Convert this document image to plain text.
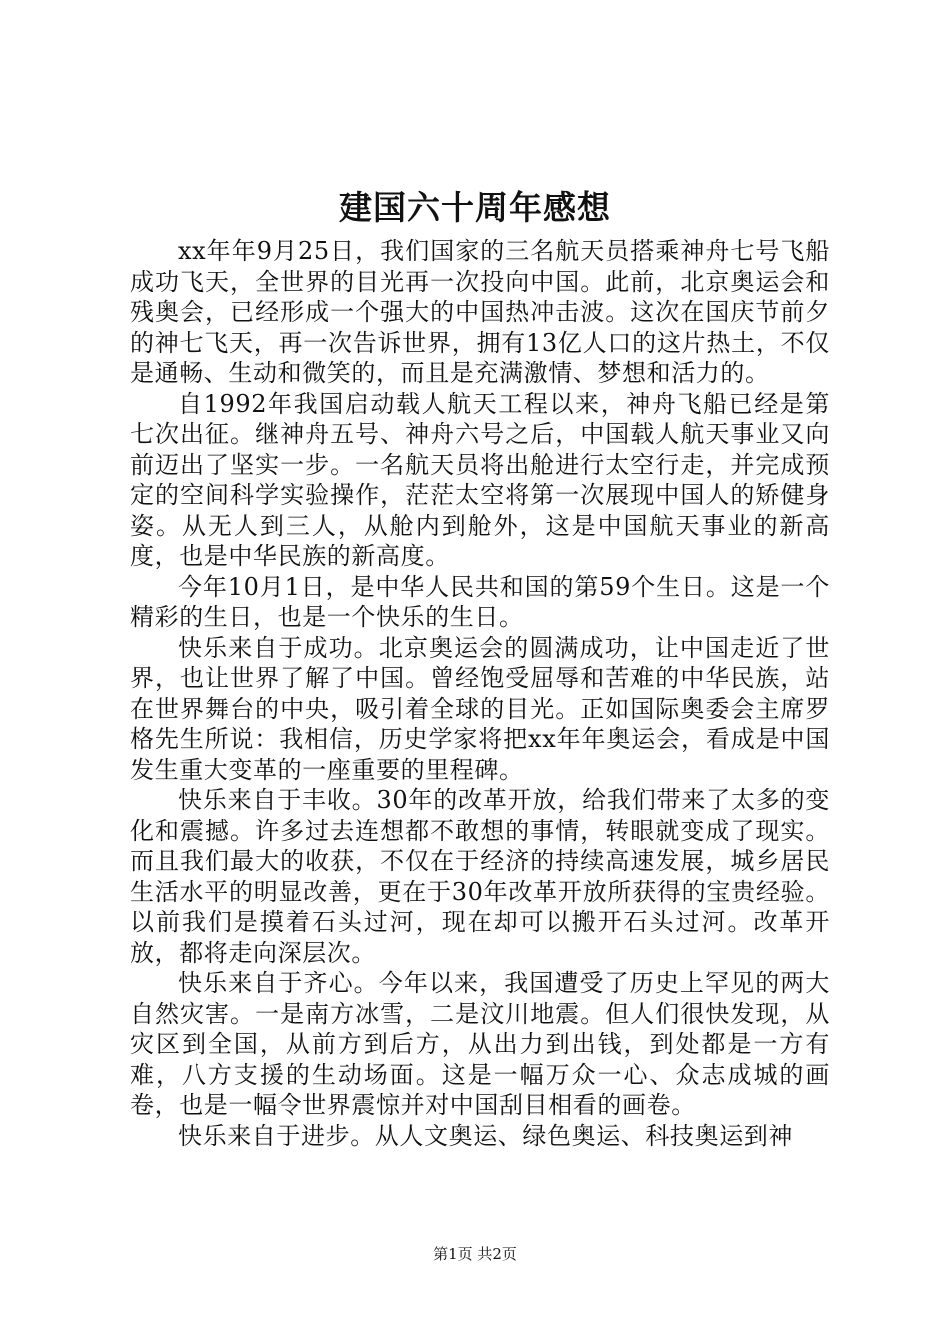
建国六十周年感想

xx年年9月25日，我们国家的三名航天员搭乘神舟七号飞船成功飞天，全世界的目光再一次投向中国。此前，北京奥运会和残奥会，已经形成一个强大的中国热冲击波。这次在国庆节前夕的神七飞天，再一次告诉世界，拥有13亿人口的这片热土，不仅是通畅、生动和微笑的，而且是充满激情、梦想和活力的。

自1992年我国启动载人航天工程以来，神舟飞船已经是第七次出征。继神舟五号、神舟六号之后，中国载人航天事业又向前迈出了坚实一步。一名航天员将出舱进行太空行走，并完成预定的空间科学实验操作，茫茫太空将第一次展现中国人的矫健身姿。从无人到三人，从舱内到舱外，这是中国航天事业的新高度，也是中华民族的新高度。

今年10月1日，是中华人民共和国的第59个生日。这是一个精彩的生日，也是一个快乐的生日。

快乐来自于成功。北京奥运会的圆满成功，让中国走近了世界，也让世界了解了中国。曾经饱受屈辱和苦难的中华民族，站在世界舞台的中央，吸引着全球的目光。正如国际奥委会主席罗格先生所说：我相信，历史学家将把xx年年奥运会，看成是中国发生重大变革的一座重要的里程碑。

快乐来自于丰收。30年的改革开放，给我们带来了太多的变化和震撼。许多过去连想都不敢想的事情，转眼就变成了现实。而且我们最大的收获，不仅在于经济的持续高速发展，城乡居民生活水平的明显改善，更在于30年改革开放所获得的宝贵经验。以前我们是摸着石头过河，现在却可以搬开石头过河。改革开放，都将走向深层次。

快乐来自于齐心。今年以来，我国遭受了历史上罕见的两大自然灾害。一是南方冰雪，二是汶川地震。但人们很快发现，从灾区到全国，从前方到后方，从出力到出钱，到处都是一方有难，八方支援的生动场面。这是一幅万众一心、众志成城的画卷，也是一幅令世界震惊并对中国刮目相看的画卷。

快乐来自于进步。从人文奥运、绿色奥运、科技奥运到神

第1页 共2页
